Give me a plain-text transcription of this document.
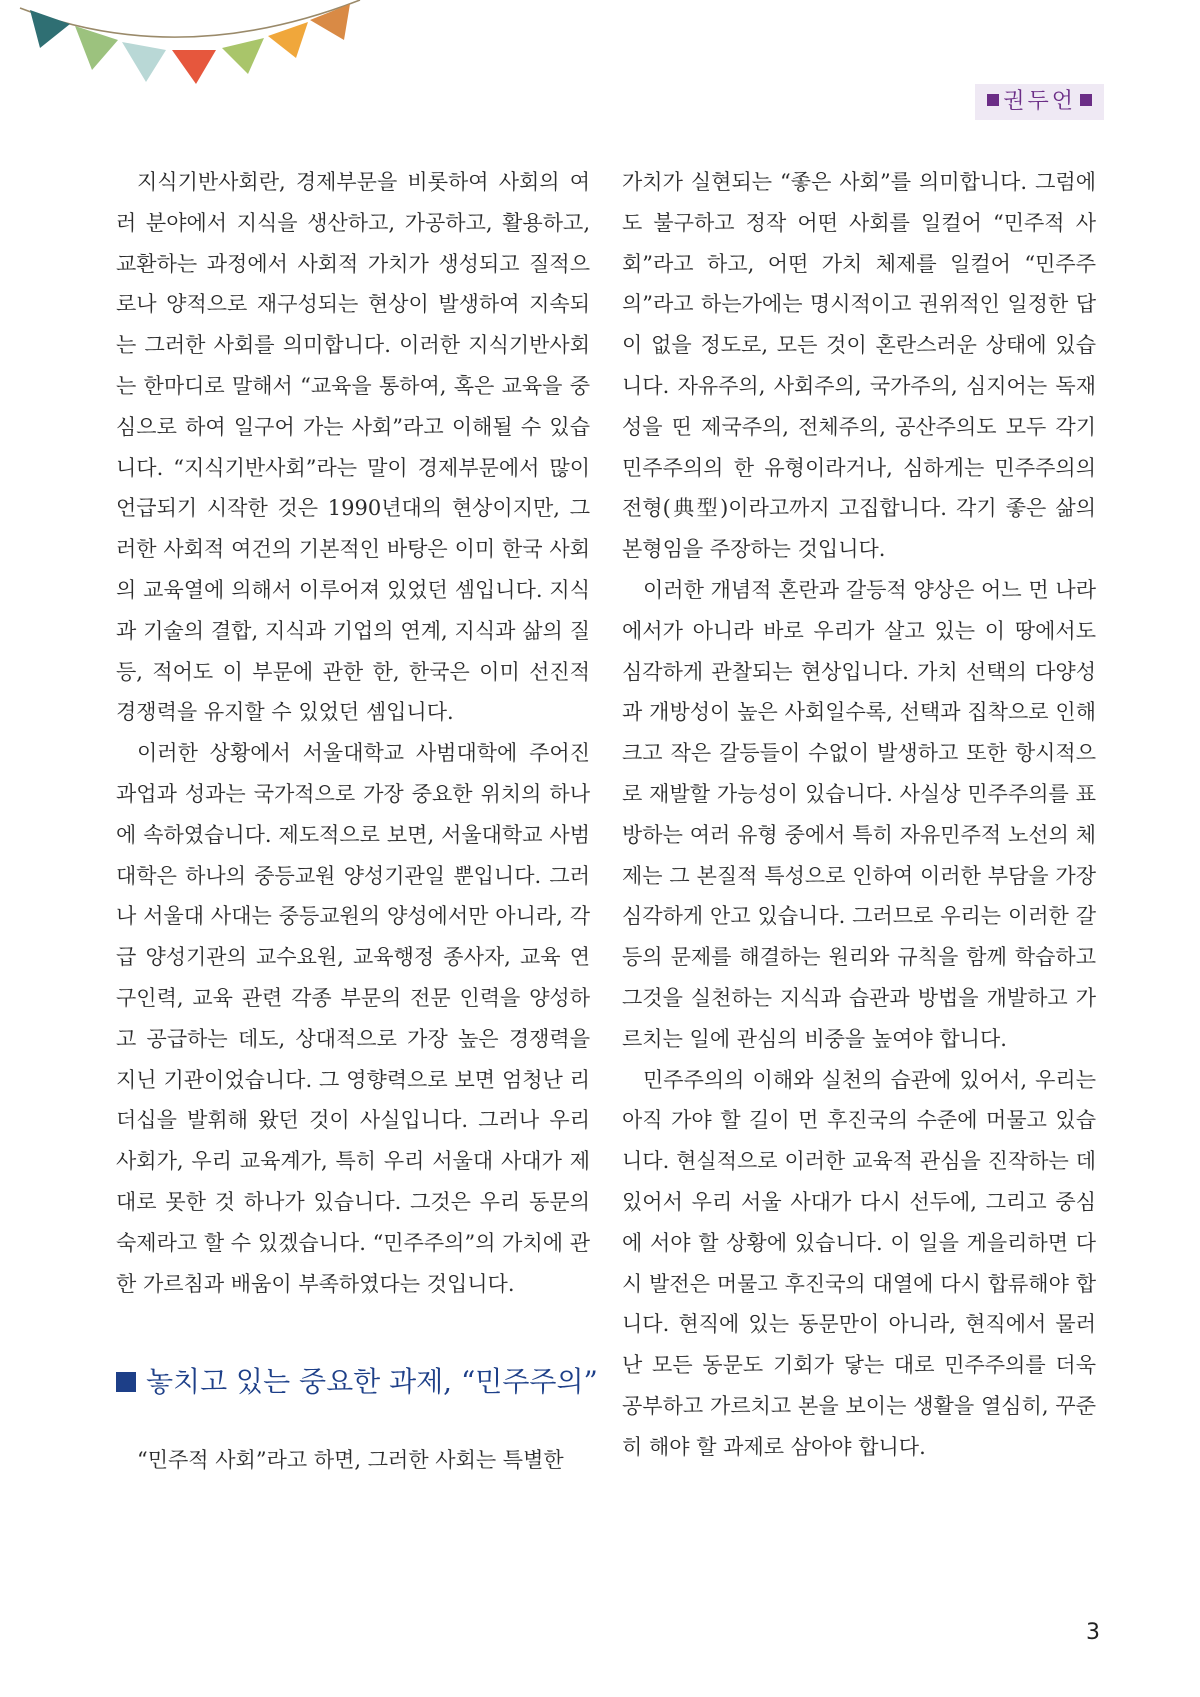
권두언

지식기반사회란, 경제부문을 비롯하여 사회의 여러 분야에서 지식을 생산하고, 가공하고, 활용하고, 교환하는 과정에서 사회적 가치가 생성되고 질적으로나 양적으로 재구성되는 현상이 발생하여 지속되는 그러한 사회를 의미합니다. 이러한 지식기반사회는 한마디로 말해서 “교육을 통하여, 혹은 교육을 중심으로 하여 일구어 가는 사회”라고 이해될 수 있습니다. “지식기반사회”라는 말이 경제부문에서 많이 언급되기 시작한 것은 1990년대의 현상이지만, 그러한 사회적 여건의 기본적인 바탕은 이미 한국 사회의 교육열에 의해서 이루어져 있었던 셈입니다. 지식과 기술의 결합, 지식과 기업의 연계, 지식과 삶의 질 등, 적어도 이 부문에 관한 한, 한국은 이미 선진적 경쟁력을 유지할 수 있었던 셈입니다.

이러한 상황에서 서울대학교 사범대학에 주어진 과업과 성과는 국가적으로 가장 중요한 위치의 하나에 속하였습니다. 제도적으로 보면, 서울대학교 사범대학은 하나의 중등교원 양성기관일 뿐입니다. 그러나 서울대 사대는 중등교원의 양성에서만 아니라, 각급 양성기관의 교수요원, 교육행정 종사자, 교육 연구인력, 교육 관련 각종 부문의 전문 인력을 양성하고 공급하는 데도, 상대적으로 가장 높은 경쟁력을 지닌 기관이었습니다. 그 영향력으로 보면 엄청난 리더십을 발휘해 왔던 것이 사실입니다. 그러나 우리 사회가, 우리 교육계가, 특히 우리 서울대 사대가 제대로 못한 것 하나가 있습니다. 그것은 우리 동문의 숙제라고 할 수 있겠습니다. “민주주의”의 가치에 관한 가르침과 배움이 부족하였다는 것입니다.

놓치고 있는 중요한 과제, “민주주의”

“민주적 사회”라고 하면, 그러한 사회는 특별한

가치가 실현되는 “좋은 사회”를 의미합니다. 그럼에도 불구하고 정작 어떤 사회를 일컬어 “민주적 사회”라고 하고, 어떤 가치 체제를 일컬어 “민주주의”라고 하는가에는 명시적이고 권위적인 일정한 답이 없을 정도로, 모든 것이 혼란스러운 상태에 있습니다. 자유주의, 사회주의, 국가주의, 심지어는 독재성을 띤 제국주의, 전체주의, 공산주의도 모두 각기 민주주의의 한 유형이라거나, 심하게는 민주주의의 전형(典型)이라고까지 고집합니다. 각기 좋은 삶의 본형임을 주장하는 것입니다.

이러한 개념적 혼란과 갈등적 양상은 어느 먼 나라에서가 아니라 바로 우리가 살고 있는 이 땅에서도 심각하게 관찰되는 현상입니다. 가치 선택의 다양성과 개방성이 높은 사회일수록, 선택과 집착으로 인해 크고 작은 갈등들이 수없이 발생하고 또한 항시적으로 재발할 가능성이 있습니다. 사실상 민주주의를 표방하는 여러 유형 중에서 특히 자유민주적 노선의 체제는 그 본질적 특성으로 인하여 이러한 부담을 가장 심각하게 안고 있습니다. 그러므로 우리는 이러한 갈등의 문제를 해결하는 원리와 규칙을 함께 학습하고 그것을 실천하는 지식과 습관과 방법을 개발하고 가르치는 일에 관심의 비중을 높여야 합니다.

민주주의의 이해와 실천의 습관에 있어서, 우리는 아직 가야 할 길이 먼 후진국의 수준에 머물고 있습니다. 현실적으로 이러한 교육적 관심을 진작하는 데 있어서 우리 서울 사대가 다시 선두에, 그리고 중심에 서야 할 상황에 있습니다. 이 일을 게을리하면 다시 발전은 머물고 후진국의 대열에 다시 합류해야 합니다. 현직에 있는 동문만이 아니라, 현직에서 물러난 모든 동문도 기회가 닿는 대로 민주주의를 더욱 공부하고 가르치고 본을 보이는 생활을 열심히, 꾸준히 해야 할 과제로 삼아야 합니다.

3
